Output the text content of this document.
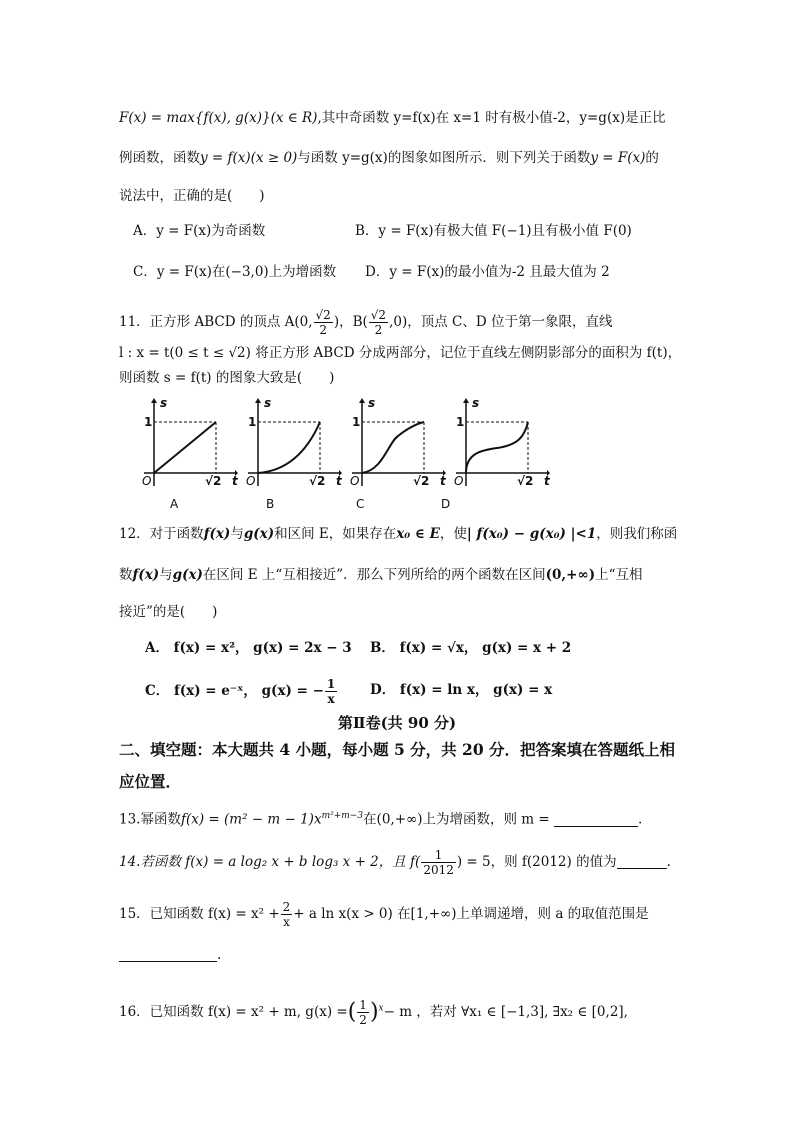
F(x) = max{f(x), g(x)}(x ∈ R),其中奇函数 y=f(x)在 x=1 时有极小值-2，y=g(x)是正比
例函数，函数y = f(x)(x ≥ 0)与函数 y=g(x)的图象如图所示．则下列关于函数y = F(x)的
说法中，正确的是(　　)
A．y = F(x)为奇函数	B．y = F(x)有极大值 F(−1)且有极小值 F(0)
C．y = F(x)在(−3,0)上为增函数 D．y = F(x)的最小值为-2 且最大值为 2
11．正方形 ABCD 的顶点 A(0, $\frac{√2}{2}$ )，$B( \frac{√2}{2} ,0)$，顶点 C、D 位于第一象限，直线
l : x = t(0 ≤ t ≤ √2) 将正方形 ABCD 分成两部分，记位于直线左侧阴影部分的面积为 f(t)，
则函数 s = f(t) 的图象大致是(　　)
s
t
O
1
√2
s
t
O
1
√2
s
t
O
1
√2
s
t
O
1
√2
A	B	C	D
12．对于函数f(x)与g(x)和区间 E，如果存在x₀ ∈ E，使| f(x₀) − g(x₀) |<1，则我们称函
数f(x)与g(x)在区间 E 上“互相接近”．那么下列所给的两个函数在区间(0,+∞)上“互相
接近”的是(　　)
A． f(x) = x²， g(x) = 2x − 3 B． f(x) = √x， g(x) = x + 2
C． f(x) = e⁻ˣ， g(x) = − $\frac{1}{x}$ D． f(x) = ln x， g(x) = x
第Ⅱ卷(共 90 分)
二、填空题：本大题共 4 小题，每小题 5 分，共 20 分．把答案填在答题纸上相
应位置．
13.幂函数$f(x) = (m^2 - m - 1)x^{m^2+m-3}$在(0,+∞)上为增函数，则 m =	.
14.若函数 f(x) = a log₂ x + b log₃ x + 2，且 $f( \frac{1}{2012}$ ) = 5，则 f(2012) 的值为	.
15．已知函数 $f(x) = x^2 + \frac{2}{x} + a$ ln x(x > 0) 在[1,+∞)上单调递增，则 a 的取值范围是
.
16．已知函数 f(x) = x² + m, g(x) =( $\frac{1}{2} )^x- m$ ，若对 ∀x₁ ∈ [−1,3], ∃x₂ ∈ [0,2],
